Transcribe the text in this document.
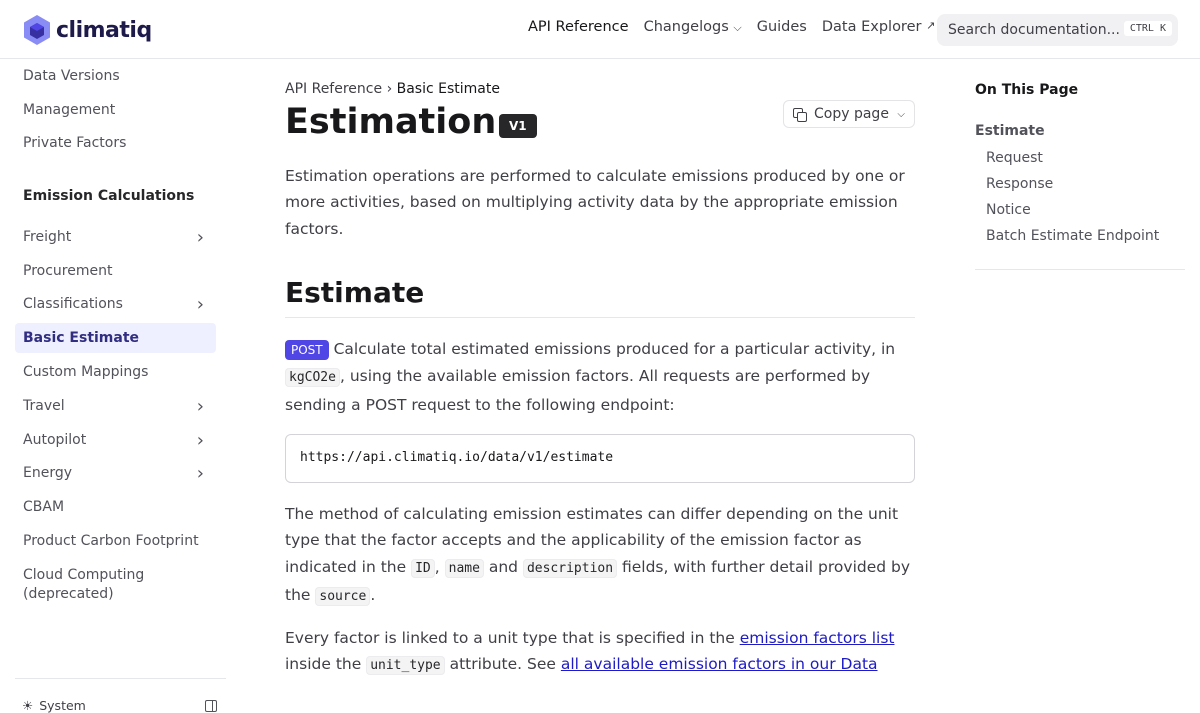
climatiq	API Reference Changelogs ⌵ Guides Data Explorer ↗ Search documentation... CTRL K
Data Versions
Management
Private Factors
Emission Calculations
Freight	›
Procurement
Classifications	›
Basic Estimate
Custom Mappings
Travel	›
Autopilot	›
Energy	›
CBAM
Product Carbon Footprint
Cloud Computing (deprecated)
☀ System
API Reference › Basic Estimate
Estimation	V1
Copy page ⌵

Estimation operations are performed to calculate emissions produced by one or more activities, based on multiplying activity data by the appropriate emission factors.

Estimate

POST Calculate total estimated emissions produced for a particular activity, in kgCO2e , using the available emission factors. All requests are performed by sending a POST request to the following endpoint:

https://api.climatiq.io/data/v1/estimate

The method of calculating emission estimates can differ depending on the unit type that the factor accepts and the applicability of the emission factor as indicated in the ID , name and description fields, with further detail provided by the source .

Every factor is linked to a unit type that is specified in the emission factors list inside the unit_type attribute. See all available emission factors in our Data

On This Page
Estimate
Request
Response
Notice
Batch Estimate Endpoint
